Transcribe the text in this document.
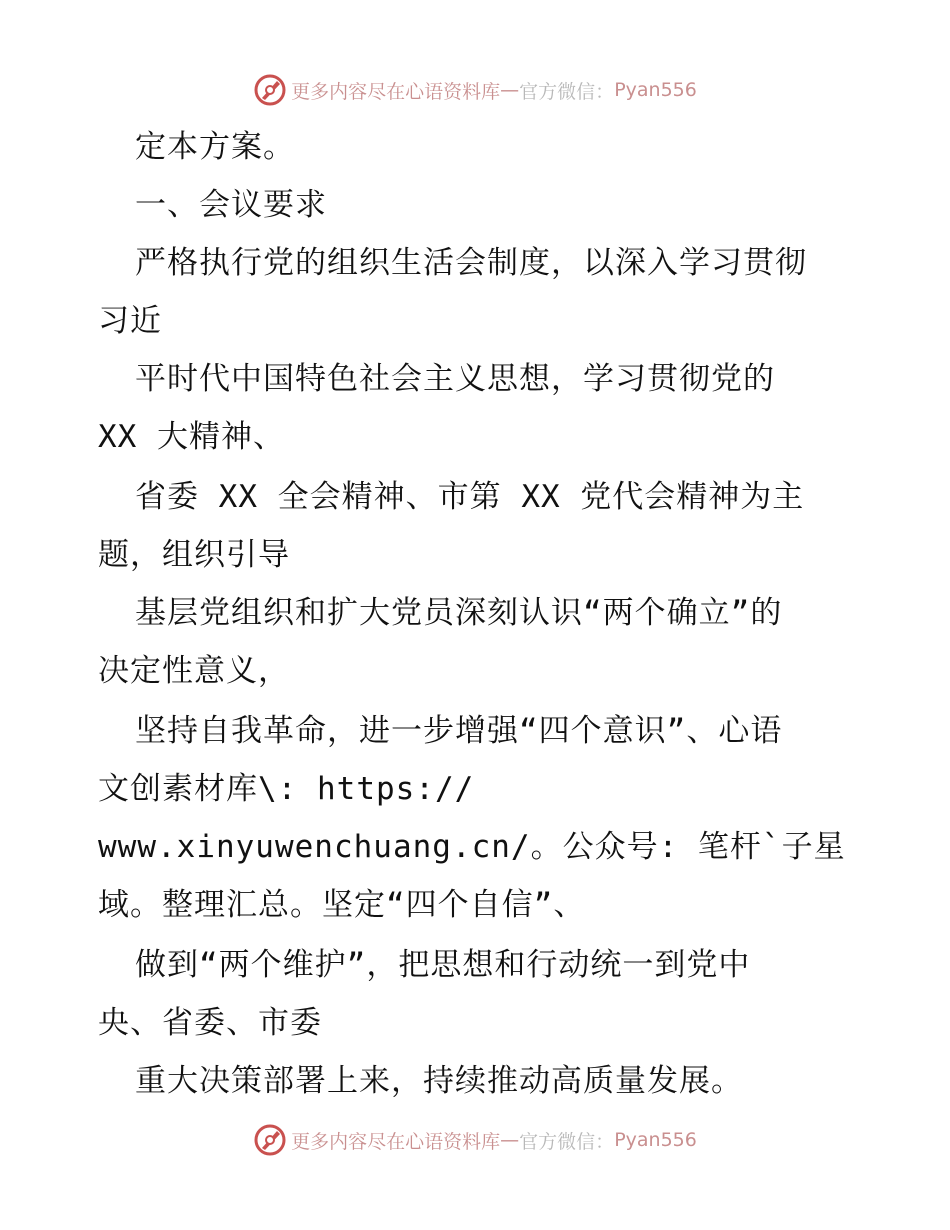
更多内容尽在心语资料库 — 官方微信： Pyan556
定本方案。
一、会议要求
严格执行党的组织生活会制度，以深入学习贯彻
习近
平时代中国特色社会主义思想，学习贯彻党的
XX 大精神、
省委 XX 全会精神、市第 XX 党代会精神为主
题，组织引导
基层党组织和扩大党员深刻认识“两个确立”的
决定性意义，
坚持自我革命，进一步增强“四个意识”、心语
文创素材库\: https://
www.xinyuwenchuang.cn/。公众号: 笔杆`子星
域。整理汇总。坚定“四个自信”、
做到“两个维护”，把思想和行动统一到党中
央、省委、市委
重大决策部署上来，持续推动高质量发展。
更多内容尽在心语资料库 — 官方微信： Pyan556
